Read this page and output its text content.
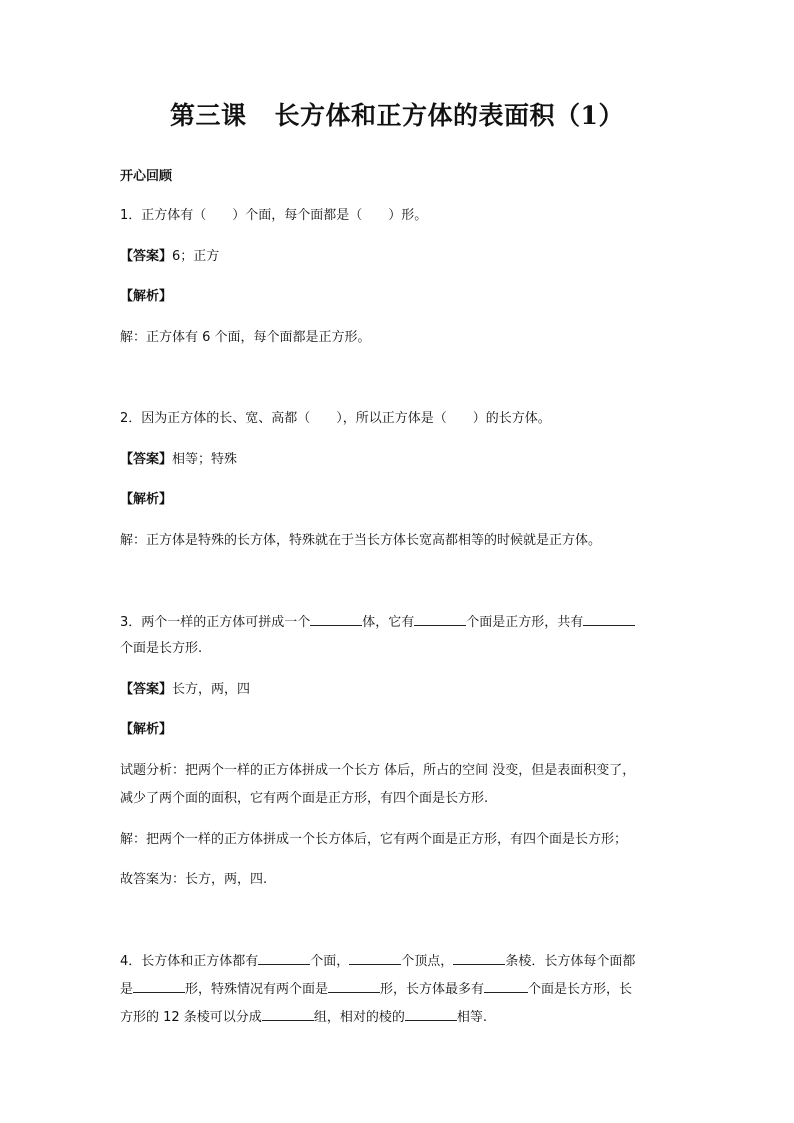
第三课 长方体和正方体的表面积（1）
开心回顾
1．正方体有（　　）个面，每个面都是（　　）形。
【答案】6；正方
【解析】
解：正方体有 6 个面，每个面都是正方形。
2．因为正方体的长、宽、高都（　　），所以正方体是（　　）的长方体。
【答案】相等；特殊
【解析】
解：正方体是特殊的长方体，特殊就在于当长方体长宽高都相等的时候就是正方体。
3．两个一样的正方体可拼成一个	体，它有	个面是正方形，共有
个面是长方形.
【答案】长方，两，四
【解析】
试题分析：把两个一样的正方体拼成一个长方 体后，所占的空间 没变，但是表面积变了，
减少了两个面的面积，它有两个面是正方形，有四个面是长方形.
解：把两个一样的正方体拼成一个长方体后，它有两个面是正方形，有四个面是长方形；
故答案为：长方，两，四.
4．长方体和正方体都有	个面，	个顶点，	条棱．长方体每个面都
是	形，特殊情况有两个面是	形，长方体最多有	个面是长方形，长
方形的 12 条棱可以分成	组，相对的棱的	相等.
